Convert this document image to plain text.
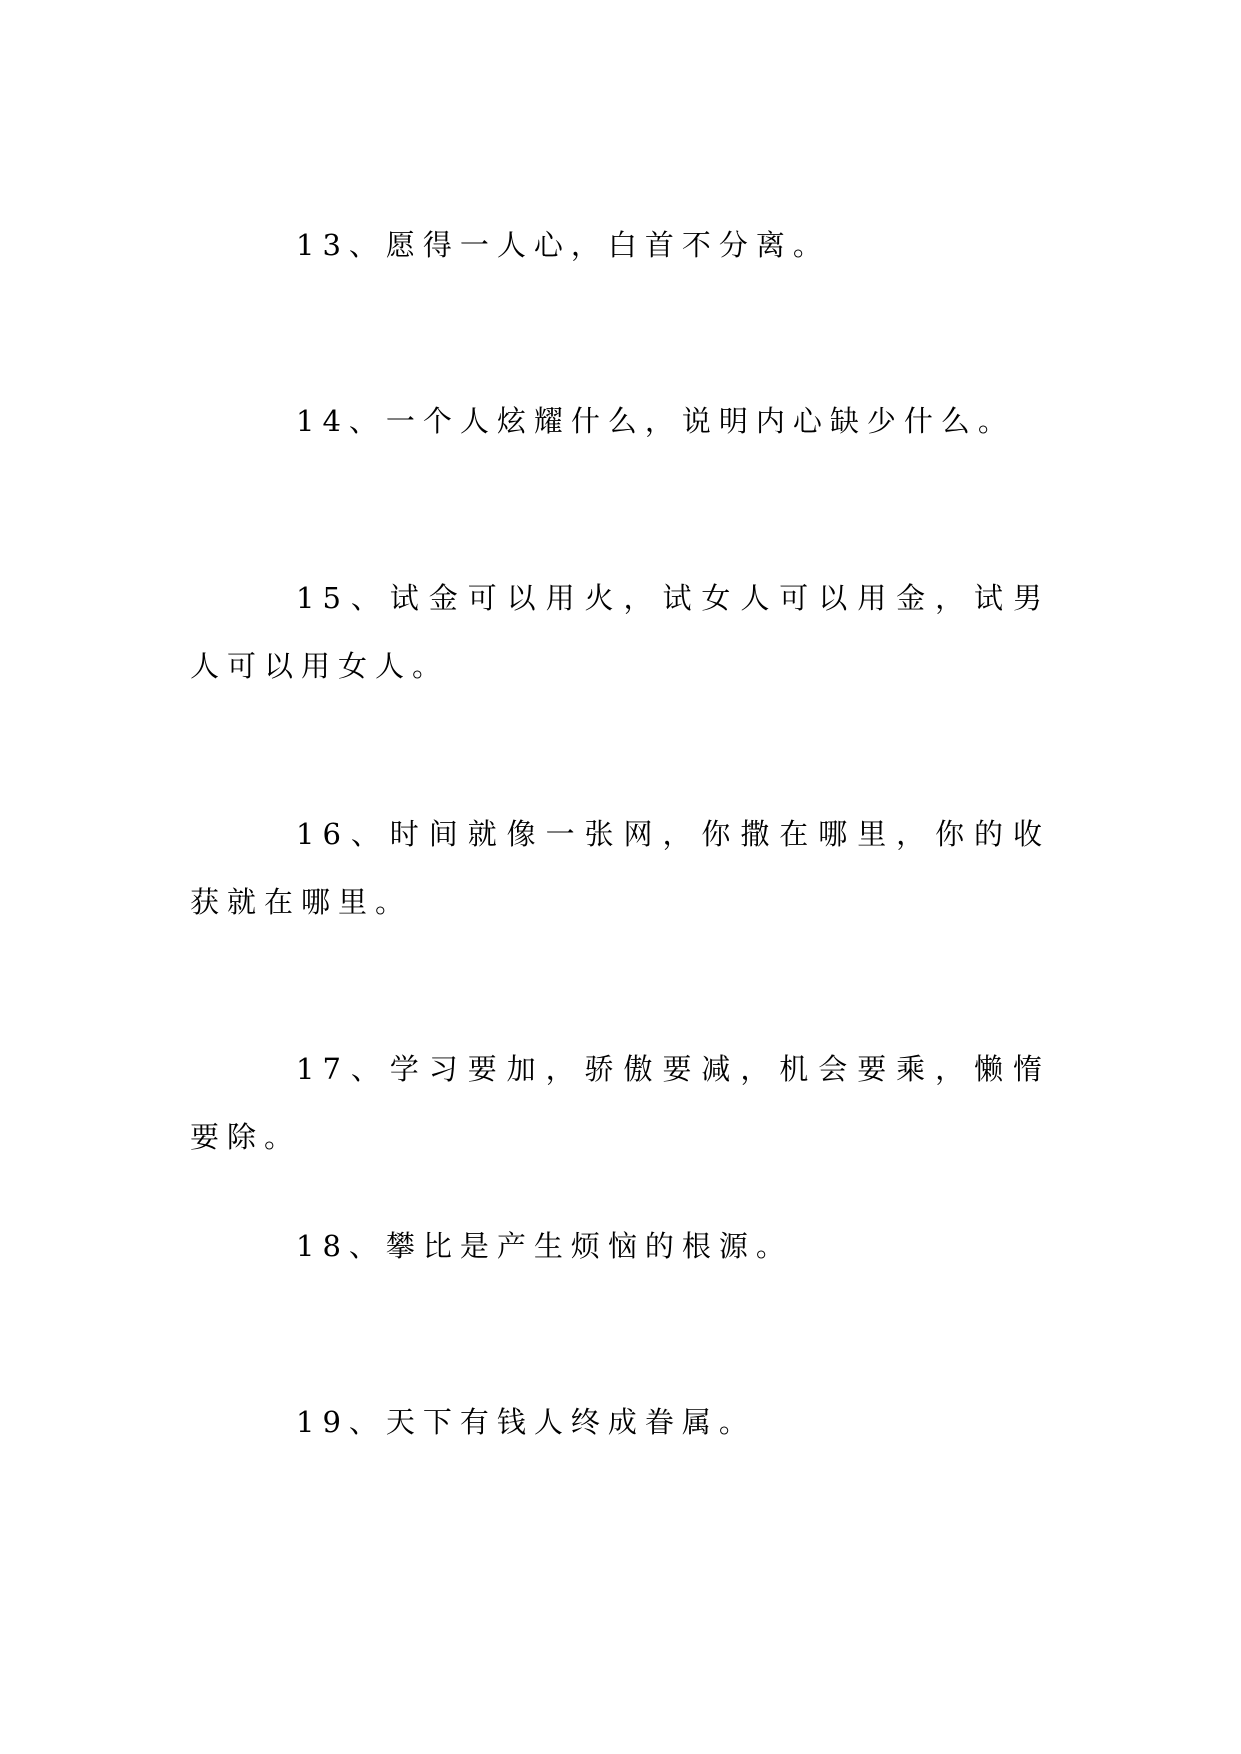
13、愿得一人心，白首不分离。

14、一个人炫耀什么，说明内心缺少什么。

15、试金可以用火，试女人可以用金，试男人可以用女人。

16、时间就像一张网，你撒在哪里，你的收获就在哪里。

17、学习要加，骄傲要减，机会要乘，懒惰要除。

18、攀比是产生烦恼的根源。

19、天下有钱人终成眷属。
